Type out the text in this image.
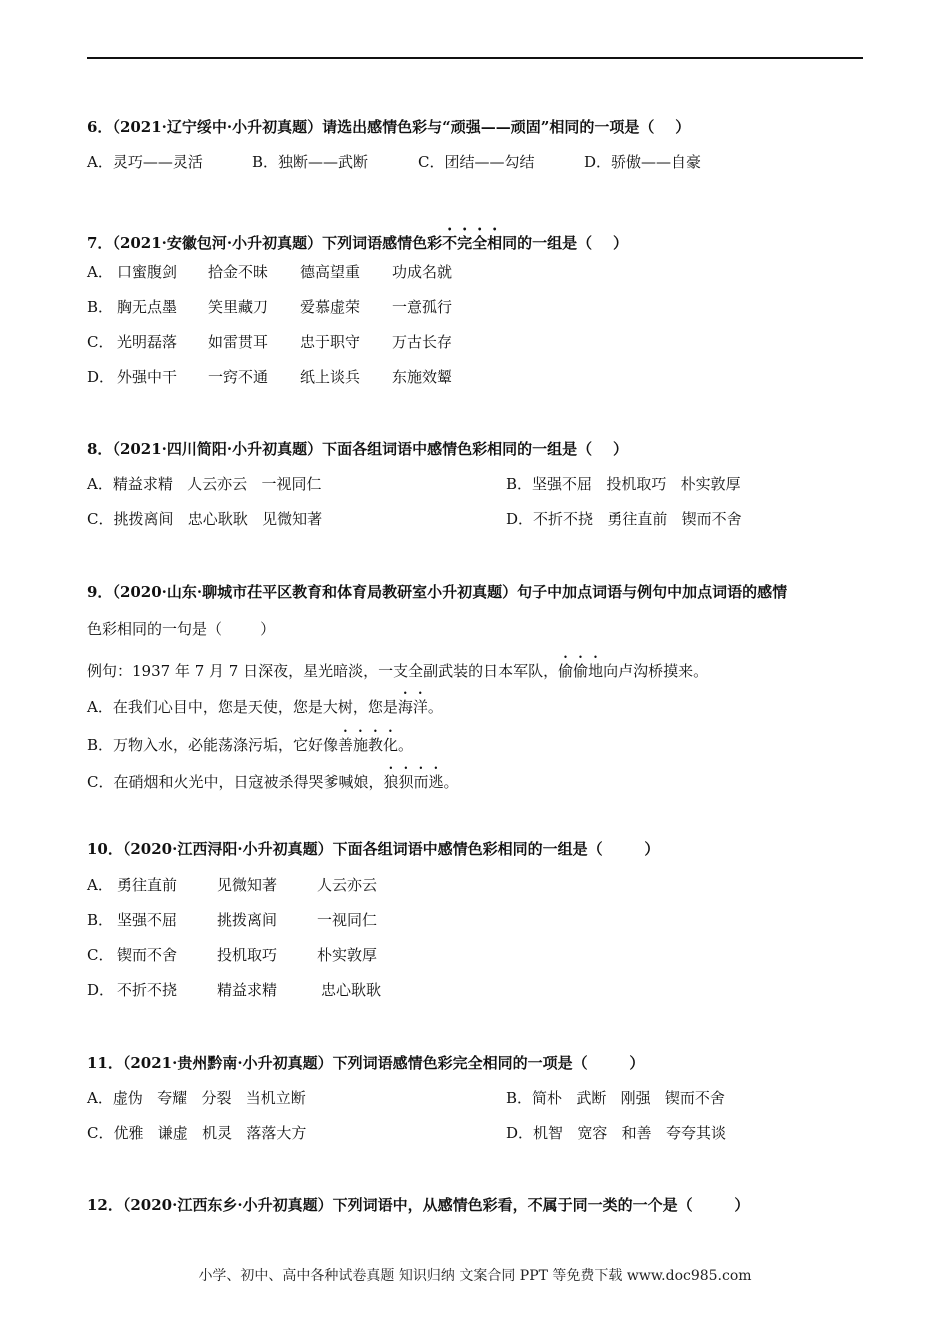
6．（2021·辽宁绥中·小升初真题）请选出感情色彩与“顽强——顽固”相同的一项是（    ）
A．灵巧——灵活	B．独断——武断	C．团结——勾结	D．骄傲——自豪
7．（2021·安徽包河·小升初真题）下列词语感情色彩不完全相同的一组是（    ）
A． 口蜜腹剑 拾金不昧 德高望重 功成名就
B． 胸无点墨 笑里藏刀 爱慕虚荣 一意孤行
C． 光明磊落 如雷贯耳 忠于职守 万古长存
D． 外强中干 一窍不通 纸上谈兵 东施效颦
8．（2021·四川简阳·小升初真题）下面各组词语中感情色彩相同的一组是（    ）
A．精益求精   人云亦云   一视同仁	B．坚强不屈   投机取巧   朴实敦厚
C．挑拨离间   忠心耿耿   见微知著	D．不折不挠   勇往直前   锲而不舍
9．（2020·山东·聊城市茌平区教育和体育局教研室小升初真题）句子中加点词语与例句中加点词语的感情
色彩相同的一句是（        ）
例句：1937 年 7 月 7 日深夜，星光暗淡，一支全副武装的日本军队，偷偷地向卢沟桥摸来。
A．在我们心目中，您是天使，您是大树，您是海洋。
B．万物入水，必能荡涤污垢，它好像善施教化。
C．在硝烟和火光中，日寇被杀得哭爹喊娘，狼狈而逃。
10．（2020·江西浔阳·小升初真题）下面各组词语中感情色彩相同的一组是（        ）
A． 勇往直前	见微知著	人云亦云
B． 坚强不屈	挑拨离间	一视同仁
C． 锲而不舍	投机取巧	朴实敦厚
D． 不折不挠	精益求精	忠心耿耿
11．（2021·贵州黔南·小升初真题）下列词语感情色彩完全相同的一项是（        ）
A．虚伪   夸耀   分裂   当机立断	B．简朴   武断   刚强   锲而不舍
C．优雅   谦虚   机灵   落落大方	D．机智   宽容   和善   夸夸其谈
12．（2020·江西东乡·小升初真题）下列词语中，从感情色彩看，不属于同一类的一个是（        ）
小学、初中、高中各种试卷真题 知识归纳 文案合同 PPT 等免费下载 www.doc985.com
